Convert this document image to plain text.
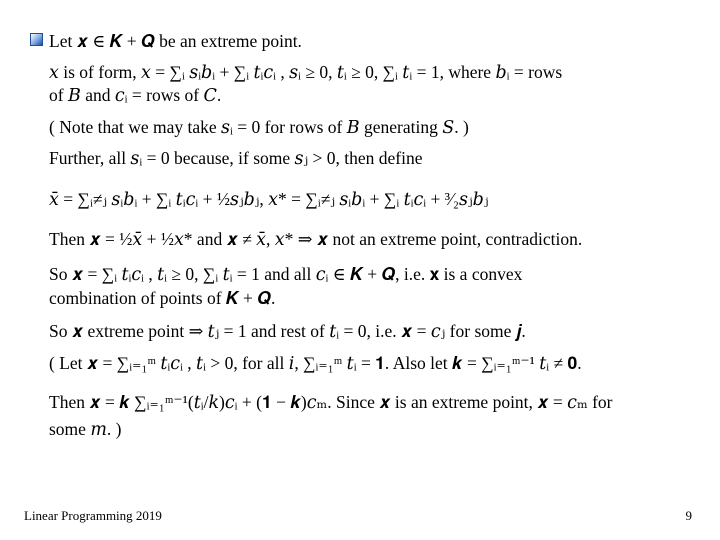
Let 𝒙 ∈ 𝑲 + 𝑸 be an extreme point.
𝑥 is of form, 𝑥 = ∑ᵢ 𝑠ᵢ𝑏ᵢ + ∑ᵢ 𝑡ᵢ𝑐ᵢ , 𝑠ᵢ ≥ 0, 𝑡ᵢ ≥ 0, ∑ᵢ 𝑡ᵢ = 1, where 𝑏ᵢ = rows
of 𝐵 and 𝑐ᵢ = rows of 𝐶.
( Note that we may take 𝑠ᵢ = 0 for rows of 𝐵 generating 𝑆. )
Further, all 𝑠ᵢ = 0 because, if some 𝑠ⱼ > 0, then define
𝑥̄ = ∑ᵢ≠ⱼ 𝑠ᵢ𝑏ᵢ + ∑ᵢ 𝑡ᵢ𝑐ᵢ + ½𝑠ⱼ𝑏ⱼ, 𝑥* = ∑ᵢ≠ⱼ 𝑠ᵢ𝑏ᵢ + ∑ᵢ 𝑡ᵢ𝑐ᵢ + ³⁄₂𝑠ⱼ𝑏ⱼ
Then 𝒙 = ½𝑥̄ + ½𝑥* and 𝒙 ≠ 𝑥̄, 𝑥* ⇒ 𝒙 not an extreme point, contradiction.
So 𝒙 = ∑ᵢ 𝑡ᵢ𝑐ᵢ , 𝑡ᵢ ≥ 0, ∑ᵢ 𝑡ᵢ = 1 and all 𝑐ᵢ ∈ 𝑲 + 𝑸, i.e. 𝐱 is a convex
combination of points of 𝑲 + 𝑸.
So 𝒙 extreme point ⇒ 𝑡ⱼ = 1 and rest of 𝑡ᵢ = 0, i.e. 𝒙 = 𝑐ⱼ for some 𝒋.
( Let 𝒙 = ∑ᵢ₌₁ᵐ 𝑡ᵢ𝑐ᵢ , 𝑡ᵢ > 0, for all 𝑖, ∑ᵢ₌₁ᵐ 𝑡ᵢ = 𝟏. Also let 𝒌 = ∑ᵢ₌₁ᵐ⁻¹ 𝑡ᵢ ≠ 𝟎.
Then 𝒙 = 𝒌 ∑ᵢ₌₁ᵐ⁻¹(𝑡ᵢ/𝑘)𝑐ᵢ + (𝟏 − 𝒌)𝑐ₘ. Since 𝒙 is an extreme point, 𝒙 = 𝑐ₘ for
some 𝑚. )
Linear Programming 2019	9
